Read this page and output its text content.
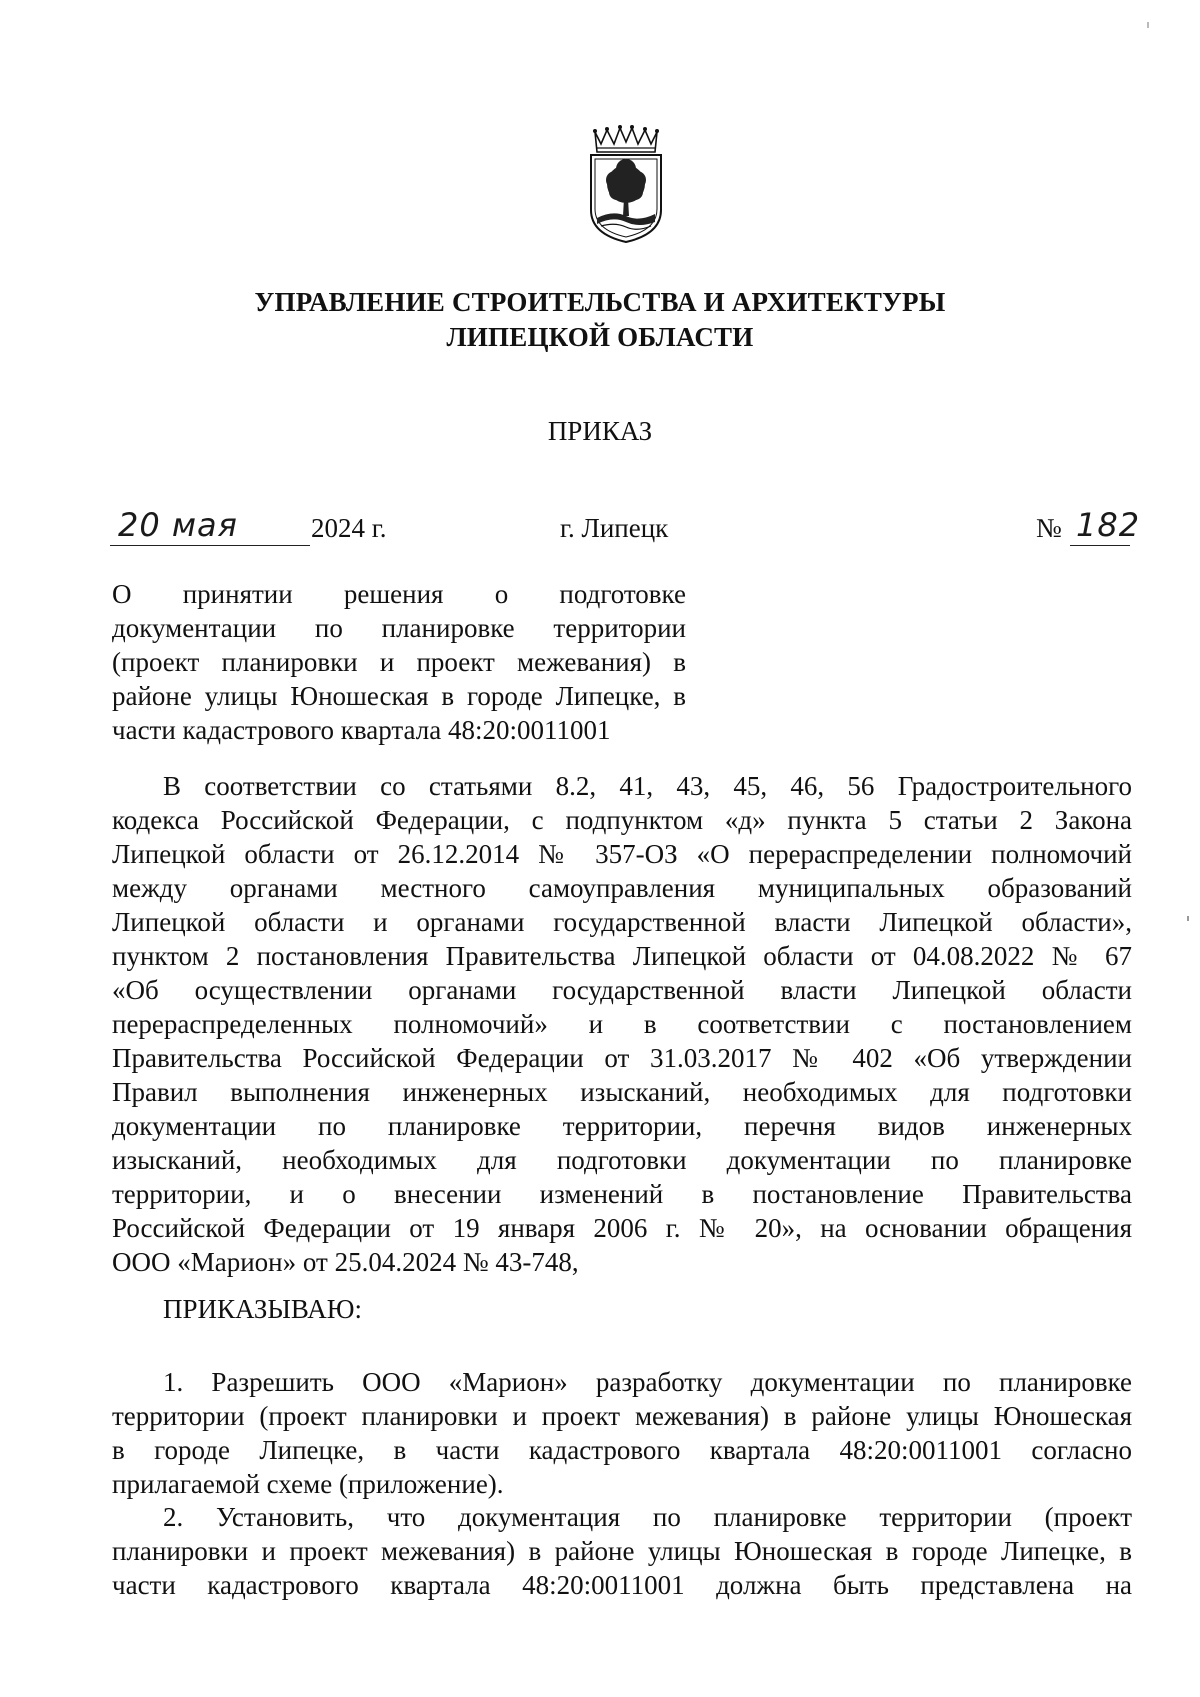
УПРАВЛЕНИЕ СТРОИТЕЛЬСТВА И АРХИТЕКТУРЫ
ЛИПЕЦКОЙ ОБЛАСТИ
ПРИКАЗ
20 мая	2024 г.	г. Липецк	№ 182
О принятии решения о подготовке
документации по планировке территории
(проект планировки и проект межевания) в
районе улицы Юношеская в городе Липецке, в
части кадастрового квартала 48:20:0011001
В соответствии со статьями 8.2, 41, 43, 45, 46, 56 Градостроительного
кодекса Российской Федерации, с подпунктом «д» пункта 5 статьи 2 Закона
Липецкой области от 26.12.2014 № 357-ОЗ «О перераспределении полномочий
между органами местного самоуправления муниципальных образований
Липецкой области и органами государственной власти Липецкой области»,
пунктом 2 постановления Правительства Липецкой области от 04.08.2022 № 67
«Об осуществлении органами государственной власти Липецкой области
перераспределенных полномочий» и в соответствии с постановлением
Правительства Российской Федерации от 31.03.2017 № 402 «Об утверждении
Правил выполнения инженерных изысканий, необходимых для подготовки
документации по планировке территории, перечня видов инженерных
изысканий, необходимых для подготовки документации по планировке
территории, и о внесении изменений в постановление Правительства
Российской Федерации от 19 января 2006 г. № 20», на основании обращения
ООО «Марион» от 25.04.2024 № 43-748,
ПРИКАЗЫВАЮ:
1. Разрешить ООО «Марион» разработку документации по планировке
территории (проект планировки и проект межевания) в районе улицы Юношеская
в городе Липецке, в части кадастрового квартала 48:20:0011001 согласно
прилагаемой схеме (приложение).
2. Установить, что документация по планировке территории (проект
планировки и проект межевания) в районе улицы Юношеская в городе Липецке, в
части кадастрового квартала 48:20:0011001 должна быть представлена на
